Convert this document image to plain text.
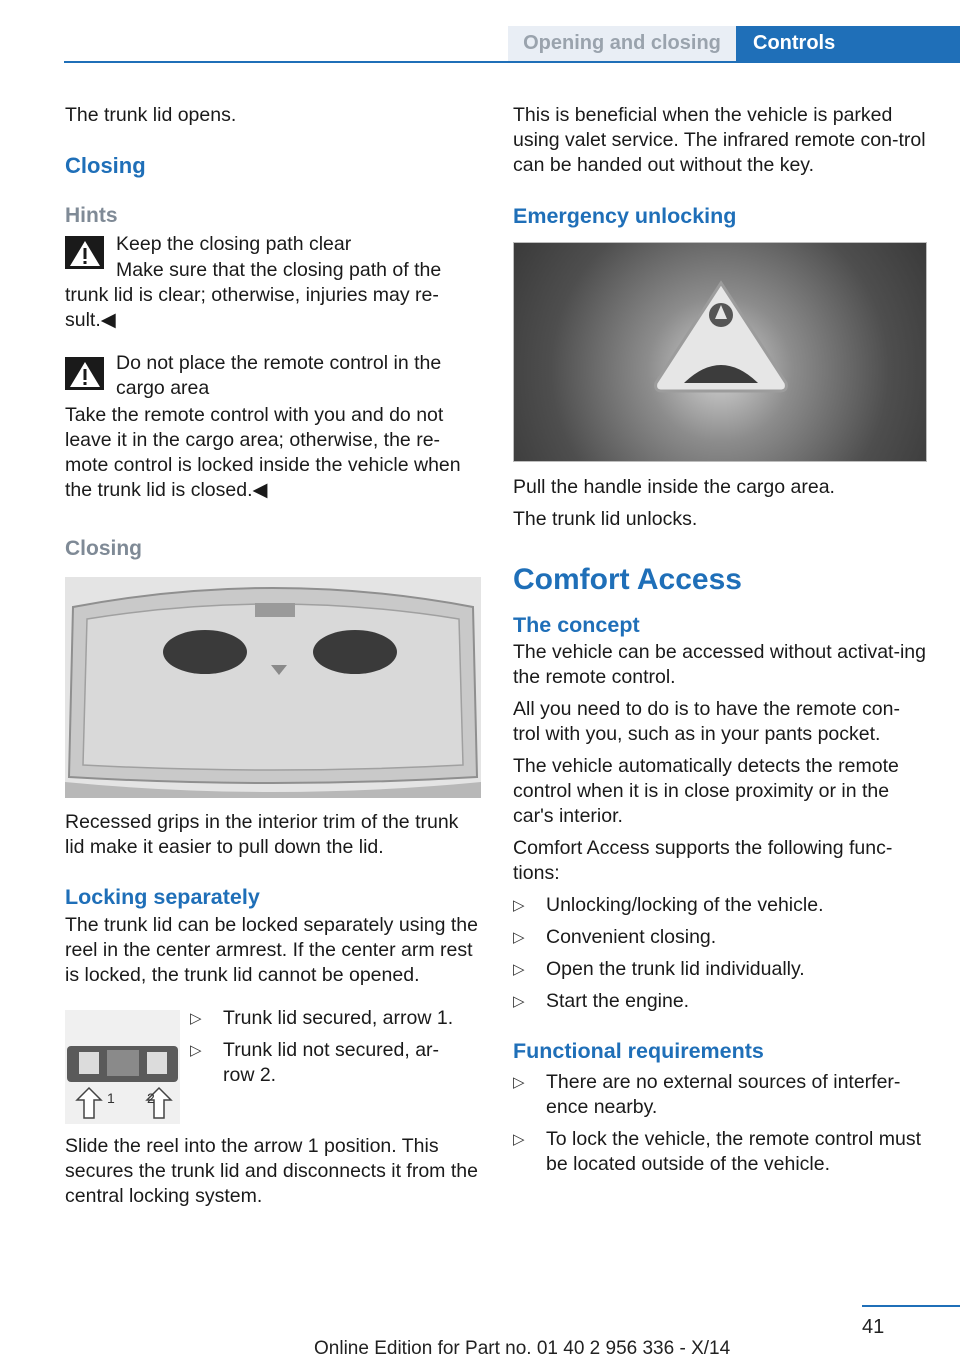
Opening and closing	Controls

The trunk lid opens.

Closing

Hints

Keep the closing path clear
Make sure that the closing path of the

trunk lid is clear; otherwise, injuries may re-sult.◀

Do not place the remote control in the cargo area

Take the remote control with you and do not leave it in the cargo area; otherwise, the re-mote control is locked inside the vehicle when the trunk lid is closed.◀

Closing

Recessed grips in the interior trim of the trunk lid make it easier to pull down the lid.

Locking separately

The trunk lid can be locked separately using the reel in the center armrest. If the center arm rest is locked, the trunk lid cannot be opened.

1 2
▷	Trunk lid secured, arrow 1.
▷	Trunk lid not secured, ar-row 2.

Slide the reel into the arrow 1 position. This secures the trunk lid and disconnects it from the central locking system.

This is beneficial when the vehicle is parked using valet service. The infrared remote con-trol can be handed out without the key.

Emergency unlocking

Pull the handle inside the cargo area.

The trunk lid unlocks.

Comfort Access

The concept

The vehicle can be accessed without activat-ing the remote control.

All you need to do is to have the remote con-trol with you, such as in your pants pocket.

The vehicle automatically detects the remote control when it is in close proximity or in the car's interior.

Comfort Access supports the following func-tions:

▷	Unlocking/locking of the vehicle.
▷	Convenient closing.
▷	Open the trunk lid individually.
▷	Start the engine.

Functional requirements

▷	There are no external sources of interfer-ence nearby.
▷	To lock the vehicle, the remote control must be located outside of the vehicle.
41
Online Edition for Part no. 01 40 2 956 336 - X/14
